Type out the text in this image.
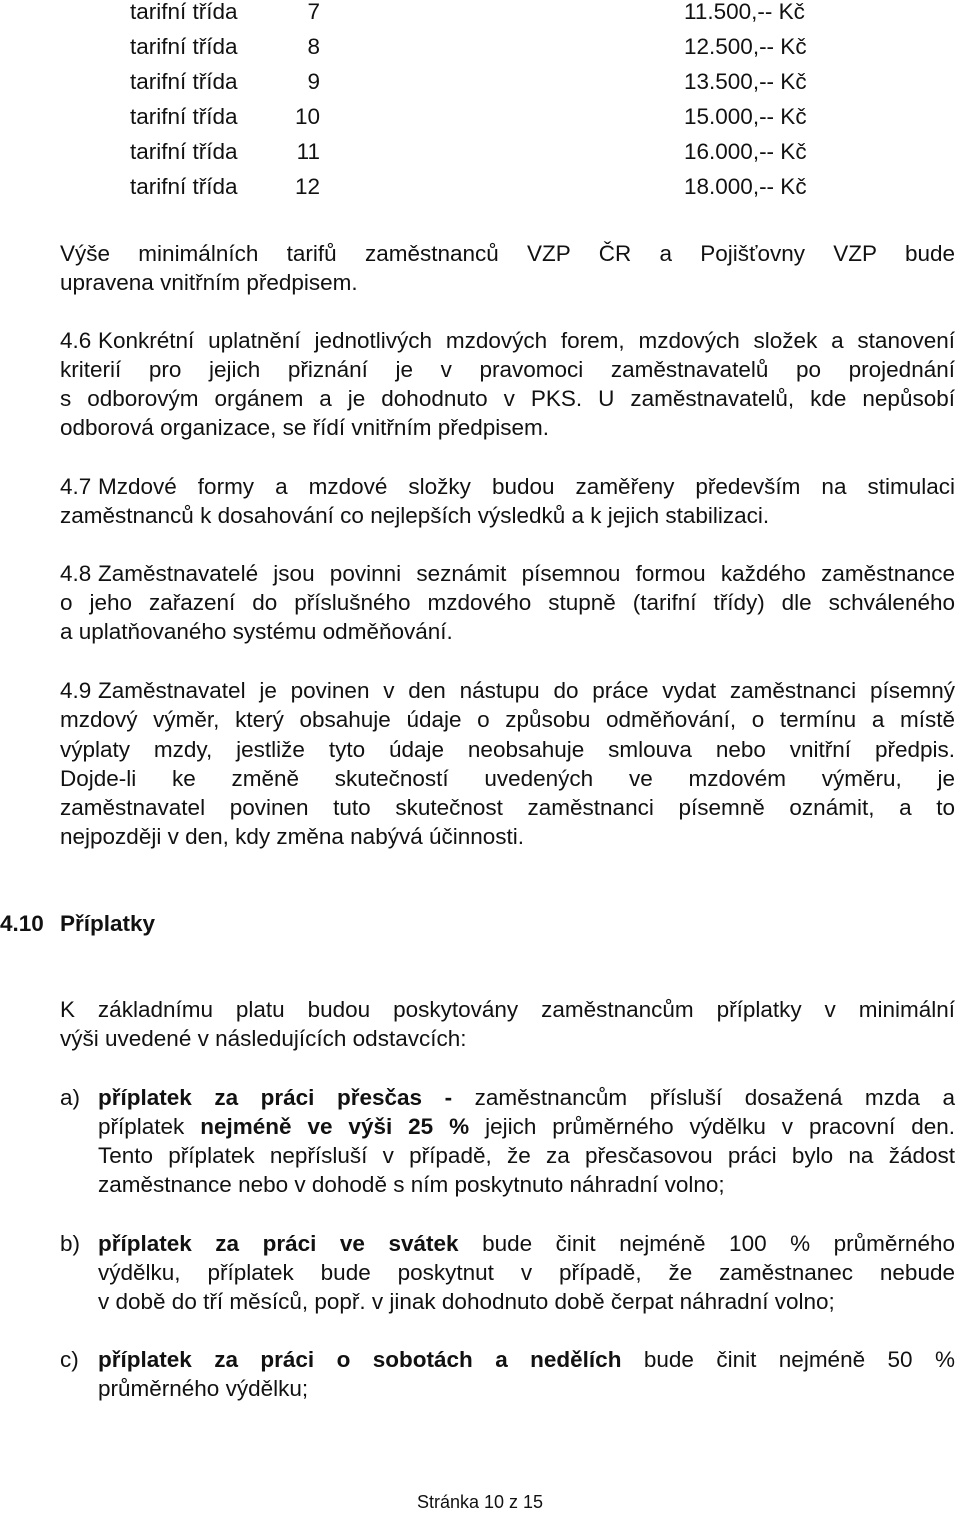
tarifní třída	7	11.500,-- Kč
tarifní třída	8	12.500,-- Kč
tarifní třída	9	13.500,-- Kč
tarifní třída	10	15.000,-- Kč
tarifní třída	11	16.000,-- Kč
tarifní třída	12	18.000,-- Kč
Výše minimálních tarifů zaměstnanců VZP ČR a Pojišťovny VZP bude
upravena vnitřním předpisem.
4.6 Konkrétní uplatnění jednotlivých mzdových forem, mzdových složek a stanovení
kriterií pro jejich přiznání je v pravomoci zaměstnavatelů po projednání
s odborovým orgánem a je dohodnuto v PKS. U zaměstnavatelů, kde nepůsobí
odborová organizace, se řídí vnitřním předpisem.
4.7 Mzdové formy a mzdové složky budou zaměřeny především na stimulaci
zaměstnanců k dosahování co nejlepších výsledků a k jejich stabilizaci.
4.8 Zaměstnavatelé jsou povinni seznámit písemnou formou každého zaměstnance
o jeho zařazení do příslušného mzdového stupně (tarifní třídy) dle schváleného
a uplatňovaného systému odměňování.
4.9 Zaměstnavatel je povinen v den nástupu do práce vydat zaměstnanci písemný
mzdový výměr, který obsahuje údaje o způsobu odměňování, o termínu a místě
výplaty mzdy, jestliže tyto údaje neobsahuje smlouva nebo vnitřní předpis.
Dojde-li ke změně skutečností uvedených ve mzdovém výměru, je
zaměstnavatel povinen tuto skutečnost zaměstnanci písemně oznámit, a to
nejpozději v den, kdy změna nabývá účinnosti.
4.10 Příplatky
K základnímu platu budou poskytovány zaměstnancům příplatky v minimální
výši uvedené v následujících odstavcích:
a) příplatek za práci přesčas - zaměstnancům přísluší dosažená mzda a
příplatek nejméně ve výši 25 % jejich průměrného výdělku v pracovní den.
Tento příplatek nepřísluší v případě, že za přesčasovou práci bylo na žádost
zaměstnance nebo v dohodě s ním poskytnuto náhradní volno;
b) příplatek za práci ve svátek bude činit nejméně 100 % průměrného
výdělku, příplatek bude poskytnut v případě, že zaměstnanec nebude
v době do tří měsíců, popř. v jinak dohodnuto době čerpat náhradní volno;
c) příplatek za práci o sobotách a nedělích bude činit nejméně 50 %
průměrného výdělku;
Stránka 10 z 15
